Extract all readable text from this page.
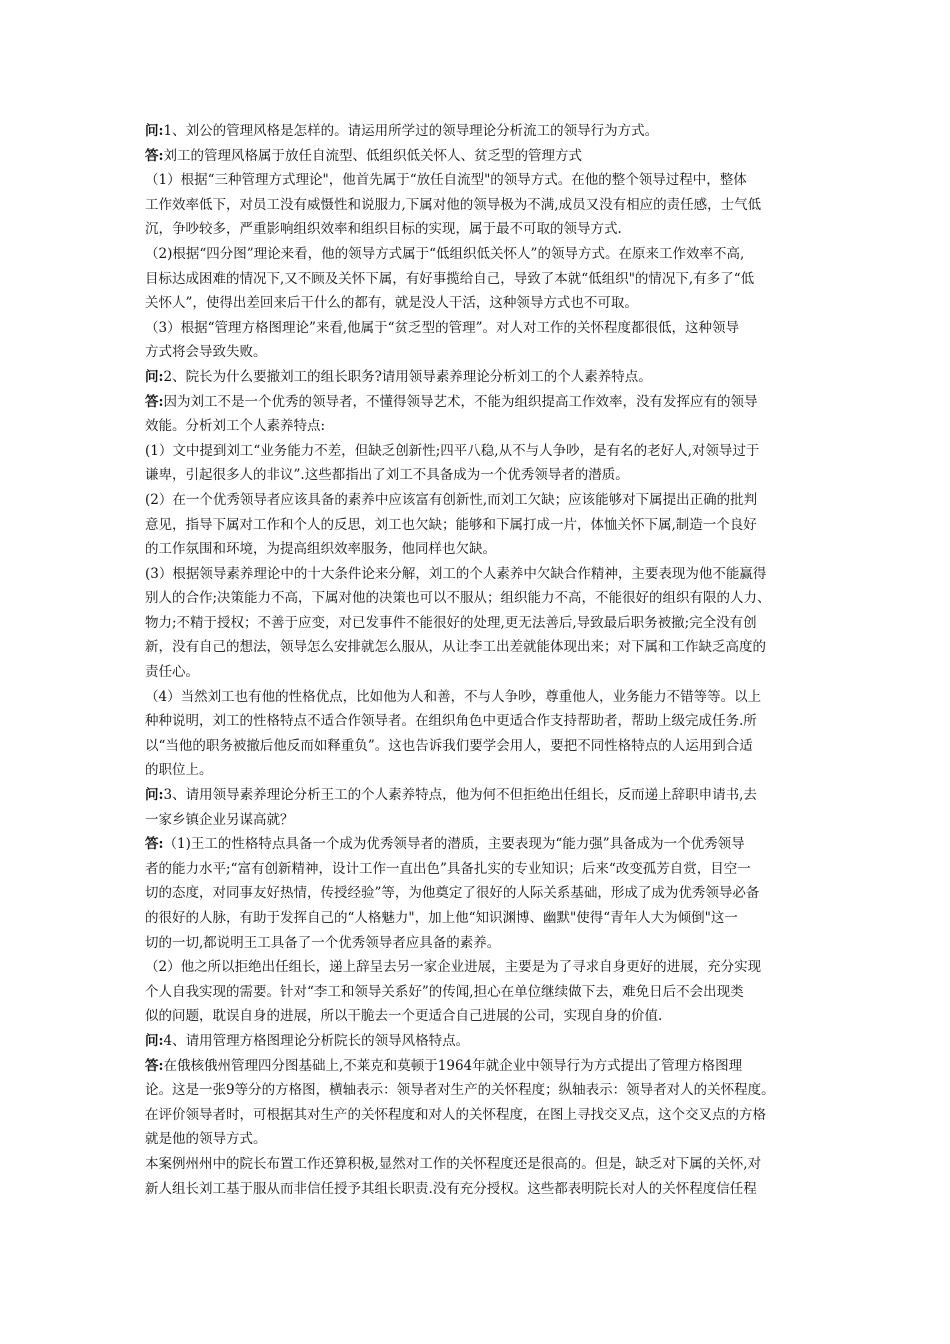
问:1、刘公的管理风格是怎样的。请运用所学过的领导理论分析流工的领导行为方式。
答:刘工的管理风格属于放任自流型、低组织低关怀人、贫乏型的管理方式
（1）根据“三种管理方式理论"，他首先属于“放任自流型"的领导方式。在他的整个领导过程中，整体
工作效率低下，对员工没有威慑性和说服力,下属对他的领导极为不满,成员又没有相应的责任感，士气低
沉，争吵较多，严重影响组织效率和组织目标的实现，属于最不可取的领导方式.
（2)根据“四分图”理论来看，他的领导方式属于“低组织低关怀人”的领导方式。在原来工作效率不高,
目标达成困难的情况下,又不顾及关怀下属，有好事揽给自己，导致了本就“低组织"的情况下,有多了“低
关怀人”，使得出差回来后干什么的都有，就是没人干活，这种领导方式也不可取。
（3）根据“管理方格图理论”来看,他属于“贫乏型的管理”。对人对工作的关怀程度都很低，这种领导
方式将会导致失败。
问:2、院长为什么要撤刘工的组长职务?请用领导素养理论分析刘工的个人素养特点。
答:因为刘工不是一个优秀的领导者，不懂得领导艺术，不能为组织提高工作效率，没有发挥应有的领导
效能。分析刘工个人素养特点:
(1）文中提到刘工“业务能力不差，但缺乏创新性;四平八稳,从不与人争吵，是有名的老好人,对领导过于
谦卑，引起很多人的非议”.这些都指出了刘工不具备成为一个优秀领导者的潜质。
(2）在一个优秀领导者应该具备的素养中应该富有创新性,而刘工欠缺；应该能够对下属提出正确的批判
意见，指导下属对工作和个人的反思，刘工也欠缺；能够和下属打成一片，体恤关怀下属,制造一个良好
的工作氛围和环境，为提高组织效率服务，他同样也欠缺。
(3）根据领导素养理论中的十大条件论来分解，刘工的个人素养中欠缺合作精神，主要表现为他不能赢得
别人的合作;决策能力不高，下属对他的决策也可以不服从；组织能力不高，不能很好的组织有限的人力、
物力;不精于授权；不善于应变，对已发事件不能很好的处理,更无法善后,导致最后职务被撤;完全没有创
新，没有自己的想法，领导怎么安排就怎么服从，从让李工出差就能体现出来；对下属和工作缺乏高度的
责任心。
（4）当然刘工也有他的性格优点，比如他为人和善，不与人争吵，尊重他人，业务能力不错等等。以上
种种说明，刘工的性格特点不适合作领导者。在组织角色中更适合作支持帮助者，帮助上级完成任务.所
以“当他的职务被撤后他反而如释重负”。这也告诉我们要学会用人，要把不同性格特点的人运用到合适
的职位上。
问:3、请用领导素养理论分析王工的个人素养特点，他为何不但拒绝出任组长，反而递上辞职申请书,去
一家乡镇企业另谋高就？
答:（1)王工的性格特点具备一个成为优秀领导者的潜质，主要表现为“能力强”具备成为一个优秀领导
者的能力水平;“富有创新精神，设计工作一直出色”具备扎实的专业知识；后来“改变孤芳自赏，目空一
切的态度，对同事友好热情，传授经验”等，为他奠定了很好的人际关系基础，形成了成为优秀领导必备
的很好的人脉，有助于发挥自己的“人格魅力"，加上他“知识渊博、幽默"使得“青年人大为倾倒"这一
切的一切,都说明王工具备了一个优秀领导者应具备的素养。
（2）他之所以拒绝出任组长，递上辞呈去另一家企业进展，主要是为了寻求自身更好的进展，充分实现
个人自我实现的需要。针对“李工和领导关系好”的传闻,担心在单位继续做下去，难免日后不会出现类
似的问题，耽误自身的进展，所以干脆去一个更适合自己进展的公司，实现自身的价值.
问:4、请用管理方格图理论分析院长的领导风格特点。
答:在俄核俄州管理四分图基础上,不莱克和莫顿于1964年就企业中领导行为方式提出了管理方格图理
论。这是一张9等分的方格图，横轴表示：领导者对生产的关怀程度；纵轴表示：领导者对人的关怀程度。
在评价领导者时，可根据其对生产的关怀程度和对人的关怀程度，在图上寻找交叉点，这个交叉点的方格
就是他的领导方式。
本案例州州中的院长布置工作还算积极,显然对工作的关怀程度还是很高的。但是，缺乏对下属的关怀,对
新人组长刘工基于服从而非信任授予其组长职责.没有充分授权。这些都表明院长对人的关怀程度信任程
